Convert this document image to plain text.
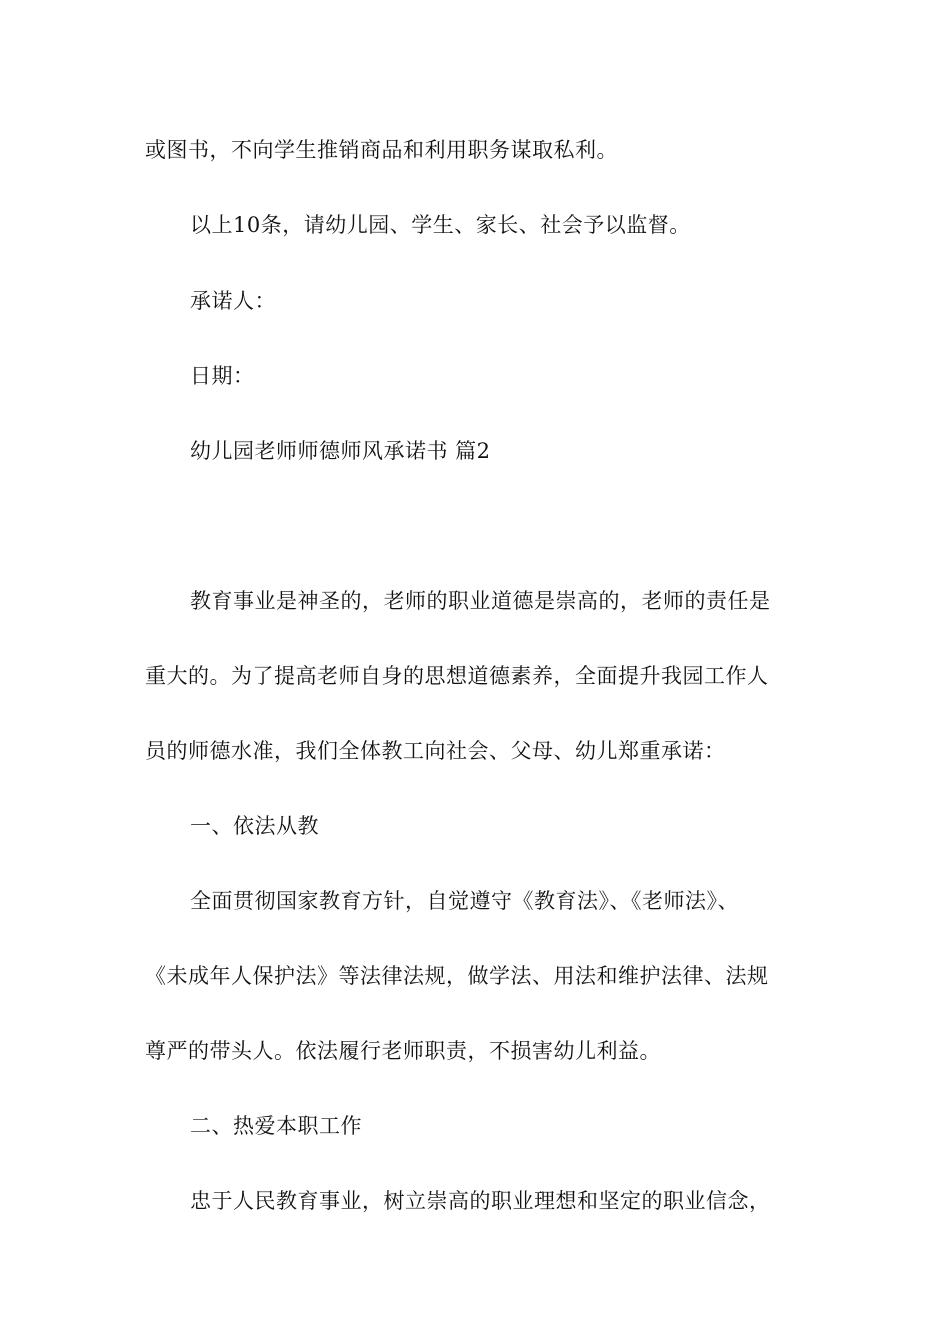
或图书，不向学生推销商品和利用职务谋取私利。

以上10条，请幼儿园、学生、家长、社会予以监督。

承诺人：

日期：

幼儿园老师师德师风承诺书 篇2

教育事业是神圣的，老师的职业道德是崇高的，老师的责任是

重大的。为了提高老师自身的思想道德素养，全面提升我园工作人

员的师德水准，我们全体教工向社会、父母、幼儿郑重承诺：

一、依法从教

全面贯彻国家教育方针，自觉遵守《教育法》、《老师法》、

《未成年人保护法》等法律法规，做学法、用法和维护法律、法规

尊严的带头人。依法履行老师职责，不损害幼儿利益。

二、热爱本职工作

忠于人民教育事业，树立崇高的职业理想和坚定的职业信念，
